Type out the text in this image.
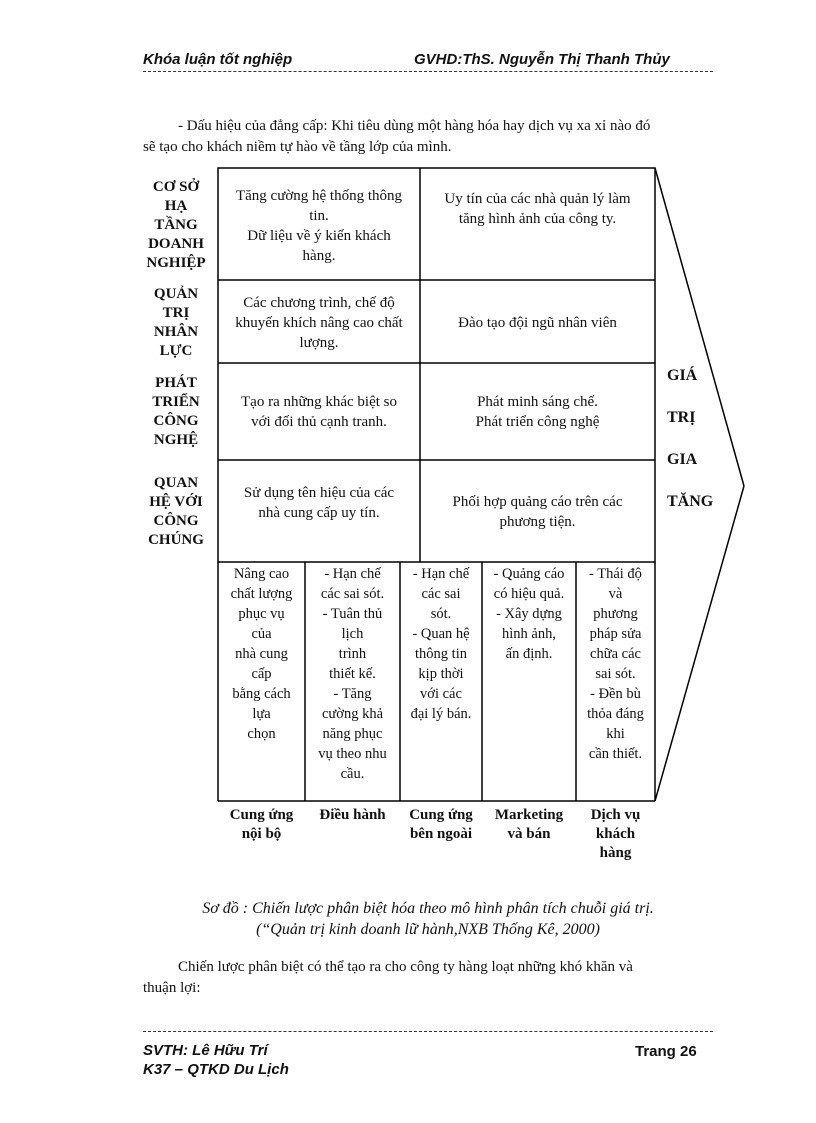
Khóa luận tốt nghiệp	GVHD:ThS. Nguyễn Thị Thanh Thủy
- Dấu hiệu của đẳng cấp: Khi tiêu dùng một hàng hóa hay dịch vụ xa xỉ nào đó
sẽ tạo cho khách niềm tự hào về tầng lớp của mình.
CƠ SỞ
HẠ
TẦNG
DOANH
NGHIỆP
QUẢN
TRỊ
NHÂN
LỰC
PHÁT
TRIỂN
CÔNG
NGHỆ
QUAN
HỆ VỚI
CÔNG
CHÚNG
Tăng cường hệ thống thông
tin.
Dữ liệu về ý kiến khách
hàng.
Uy tín của các nhà quản lý làm
tăng hình ảnh của công ty.
Các chương trình, chế độ
khuyến khích nâng cao chất
lượng.
Đào tạo đội ngũ nhân viên
Tạo ra những khác biệt so
với đối thủ cạnh tranh.
Phát minh sáng chế.
Phát triển công nghệ
Sử dụng tên hiệu của các
nhà cung cấp uy tín.
Phối hợp quảng cáo trên các
phương tiện.
Nâng cao
chất lượng
phục vụ
của
nhà cung
cấp
bằng cách
lựa
chọn
- Hạn chế
các sai sót.
- Tuân thủ
lịch
trình
thiết kế.
- Tăng
cường khả
năng phục
vụ theo nhu
cầu.
- Hạn chế
các sai
sót.
- Quan hệ
thông tin
kịp thời
với các
đại lý bán.
- Quảng cáo
có hiệu quả.
- Xây dựng
hình ảnh,
ấn định.
- Thái độ
và
phương
pháp sửa
chữa các
sai sót.
- Đền bù
thỏa đáng
khi
cần thiết.
Cung ứng
nội bộ
Điều hành	Cung ứng
bên ngoài
Marketing
và bán
Dịch vụ
khách
hàng
GIÁ
TRỊ
GIA
TĂNG
Sơ đồ : Chiến lược phân biệt hóa theo mô hình phân tích chuỗi giá trị.
(“Quản trị kinh doanh lữ hành,NXB Thống Kê, 2000)
Chiến lược phân biệt có thể tạo ra cho công ty hàng loạt những khó khăn và
thuận lợi:
SVTH: Lê Hữu Trí
K37 – QTKD Du Lịch
Trang 26
